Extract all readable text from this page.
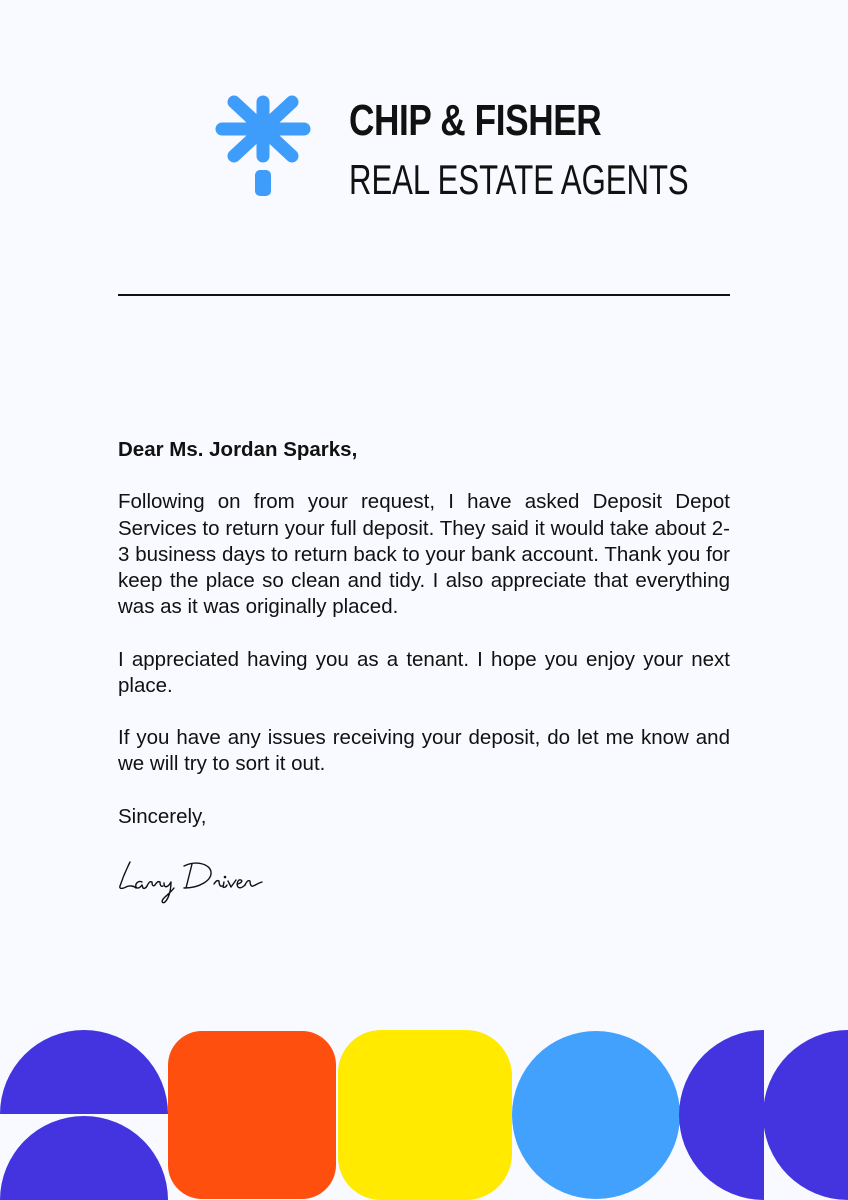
CHIP & FISHER
REAL ESTATE AGENTS

Dear Ms. Jordan Sparks,

Following on from your request, I have asked Deposit Depot Services to return your full deposit. They said it would take about 2-3 business days to return back to your bank account. Thank you for keep the place so clean and tidy. I also appreciate that everything was as it was originally placed.

I appreciated having you as a tenant. I hope you enjoy your next place.

If you have any issues receiving your deposit, do let me know and we will try to sort it out.

Sincerely,
